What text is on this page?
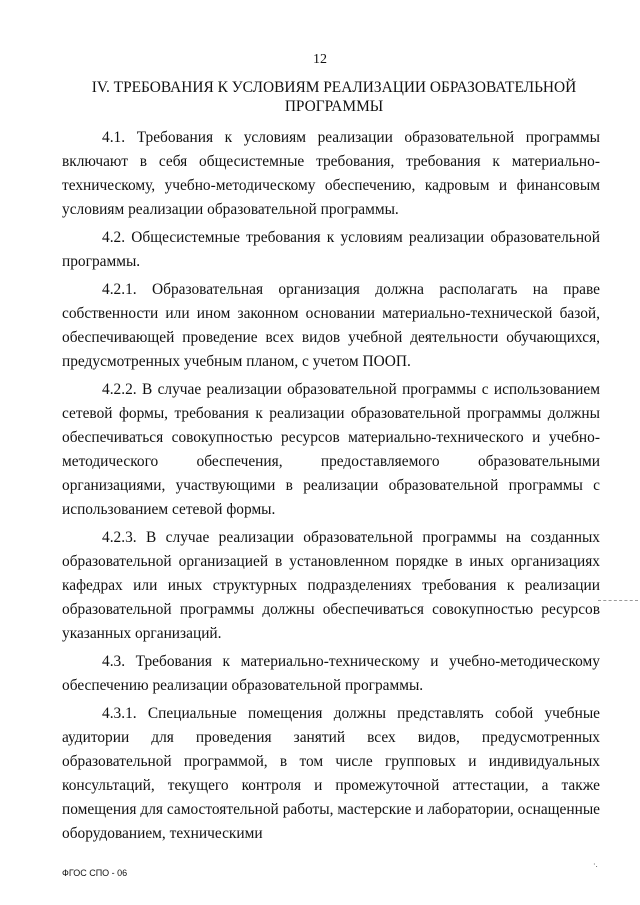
12
IV. ТРЕБОВАНИЯ К УСЛОВИЯМ РЕАЛИЗАЦИИ ОБРАЗОВАТЕЛЬНОЙ ПРОГРАММЫ

4.1. Требования к условиям реализации образовательной программы включают в себя общесистемные требования, требования к материально-техническому, учебно-методическому обеспечению, кадровым и финансовым условиям реализации образовательной программы.

4.2. Общесистемные требования к условиям реализации образовательной программы.

4.2.1. Образовательная организация должна располагать на праве собственности или ином законном основании материально-технической базой, обеспечивающей проведение всех видов учебной деятельности обучающихся, предусмотренных учебным планом, с учетом ПООП.

4.2.2. В случае реализации образовательной программы с использованием сетевой формы, требования к реализации образовательной программы должны обеспечиваться совокупностью ресурсов материально-технического и учебно-методического обеспечения, предоставляемого образовательными организациями, участвующими в реализации образовательной программы с использованием сетевой формы.

4.2.3. В случае реализации образовательной программы на созданных образовательной организацией в установленном порядке в иных организациях кафедрах или иных структурных подразделениях требования к реализации образовательной программы должны обеспечиваться совокупностью ресурсов указанных организаций.

4.3. Требования к материально-техническому и учебно-методическому обеспечению реализации образовательной программы.

4.3.1. Специальные помещения должны представлять собой учебные аудитории для проведения занятий всех видов, предусмотренных образовательной программой, в том числе групповых и индивидуальных консультаций, текущего контроля и промежуточной аттестации, а также помещения для самостоятельной работы, мастерские и лаборатории, оснащенные оборудованием, техническими

·.
ФГОС СПО - 06
